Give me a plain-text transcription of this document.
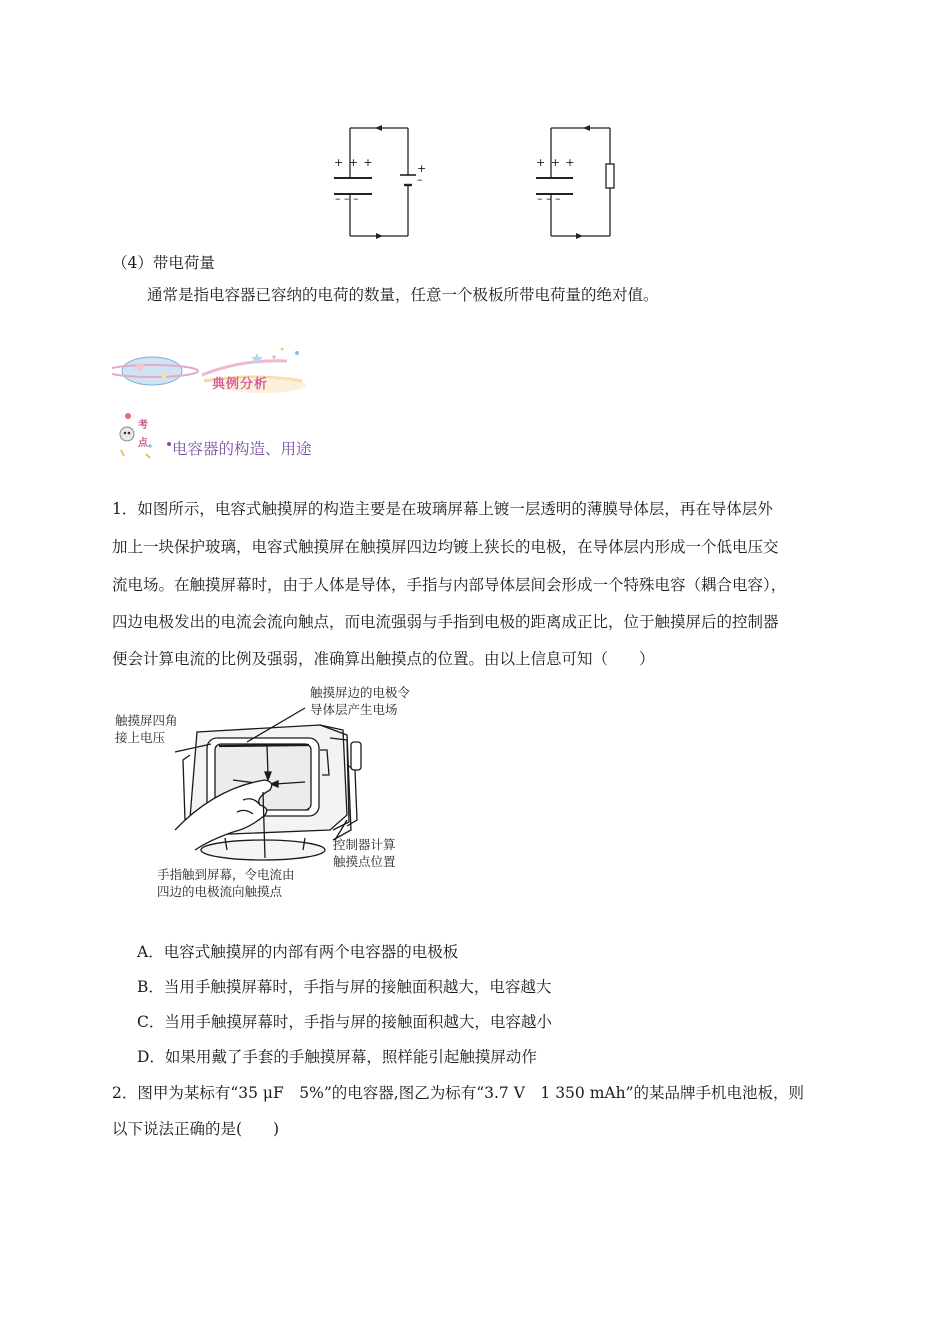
+ + +
– – –
+
–
+ + +
– – –
（4）带电荷量
通常是指电容器已容纳的电荷的数量，任意一个极板所带电荷量的绝对值。
典例分析
考
点 电容器的构造、用途
1．如图所示，电容式触摸屏的构造主要是在玻璃屏幕上镀一层透明的薄膜导体层，再在导体层外
加上一块保护玻璃，电容式触摸屏在触摸屏四边均镀上狭长的电极，在导体层内形成一个低电压交
流电场。在触摸屏幕时，由于人体是导体，手指与内部导体层间会形成一个特殊电容（耦合电容），
四边电极发出的电流会流向触点，而电流强弱与手指到电极的距离成正比，位于触摸屏后的控制器
便会计算电流的比例及强弱，准确算出触摸点的位置。由以上信息可知（　　）
触摸屏边的电极令
导体层产生电场
触摸屏四角
接上电压
控制器计算
触摸点位置
手指触到屏幕，令电流由
四边的电极流向触摸点
A．电容式触摸屏的内部有两个电容器的电极板
B．当用手触摸屏幕时，手指与屏的接触面积越大，电容越大
C．当用手触摸屏幕时，手指与屏的接触面积越大，电容越小
D．如果用戴了手套的手触摸屏幕，照样能引起触摸屏动作
2．图甲为某标有“35 μF　5%”的电容器,图乙为标有“3.7 V　1 350 mAh”的某品牌手机电池板，则
以下说法正确的是(　　)
